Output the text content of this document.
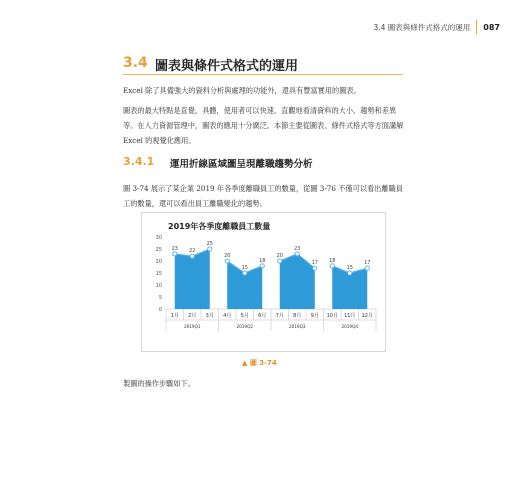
3.4 圖表與條件式格式的運用 087
3.4 圖表與條件式格式的運用

Excel 除了具備強大的資料分析與處理的功能外，還具有豐富實用的圖表。

圖表的最大特點是直覺，具體，使用者可以快速、直觀地看清資料的大小、趨勢和差異等。在人力資源管理中，圖表的應用十分廣泛。本節主要從圖表、條件式格式等方面講解 Excel 的視覺化應用。

3.4.1 運用折線區域圖呈現離職趨勢分析

圖 3-74 展示了某企業 2019 年各季度離職員工的數量，從圖 3-76 不僅可以看出離職員工的數量，還可以看出員工離職變化的趨勢。

2019年各季度離職員工數量
0
5
10
15
20
25
30
23
1月
22
2月
25
3月
2019Q1
20
4月
15
5月
18
6月
2019Q2
20
7月
23
8月
17
9月
2019Q3
18
10月
15
11月
17
12月
2019Q4
▲ 圖 3-74

製圖的操作步驟如下。
